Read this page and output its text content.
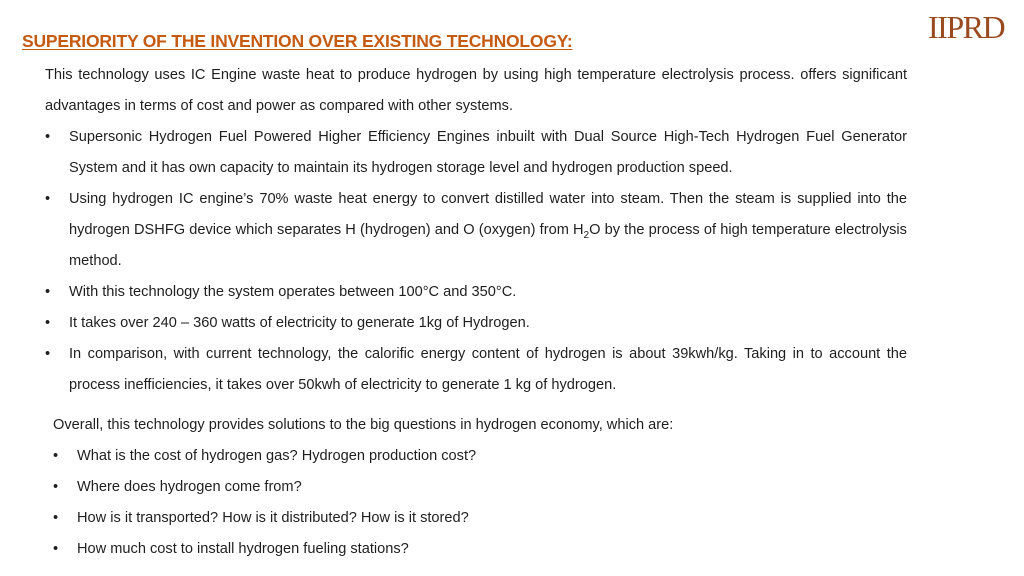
SUPERIORITY OF THE INVENTION OVER EXISTING TECHNOLOGY:	IIPRD

This technology uses IC Engine waste heat to produce hydrogen by using high temperature electrolysis process. offers significant advantages in terms of cost and power as compared with other systems.

• Supersonic Hydrogen Fuel Powered Higher Efficiency Engines inbuilt with Dual Source High-Tech Hydrogen Fuel Generator System and it has own capacity to maintain its hydrogen storage level and hydrogen production speed.
• Using hydrogen IC engine’s 70% waste heat energy to convert distilled water into steam. Then the steam is supplied into the hydrogen DSHFG device which separates H (hydrogen) and O (oxygen) from $H_2O$ by the process of high temperature electrolysis method.
• With this technology the system operates between 100°C and 350°C.
• It takes over 240 – 360 watts of electricity to generate 1kg of Hydrogen.
• In comparison, with current technology, the calorific energy content of hydrogen is about 39kwh/kg. Taking in to account the process inefficiencies, it takes over 50kwh of electricity to generate 1 kg of hydrogen.

Overall, this technology provides solutions to the big questions in hydrogen economy, which are:

• What is the cost of hydrogen gas? Hydrogen production cost?
• Where does hydrogen come from?
• How is it transported? How is it distributed? How is it stored?
• How much cost to install hydrogen fueling stations?
